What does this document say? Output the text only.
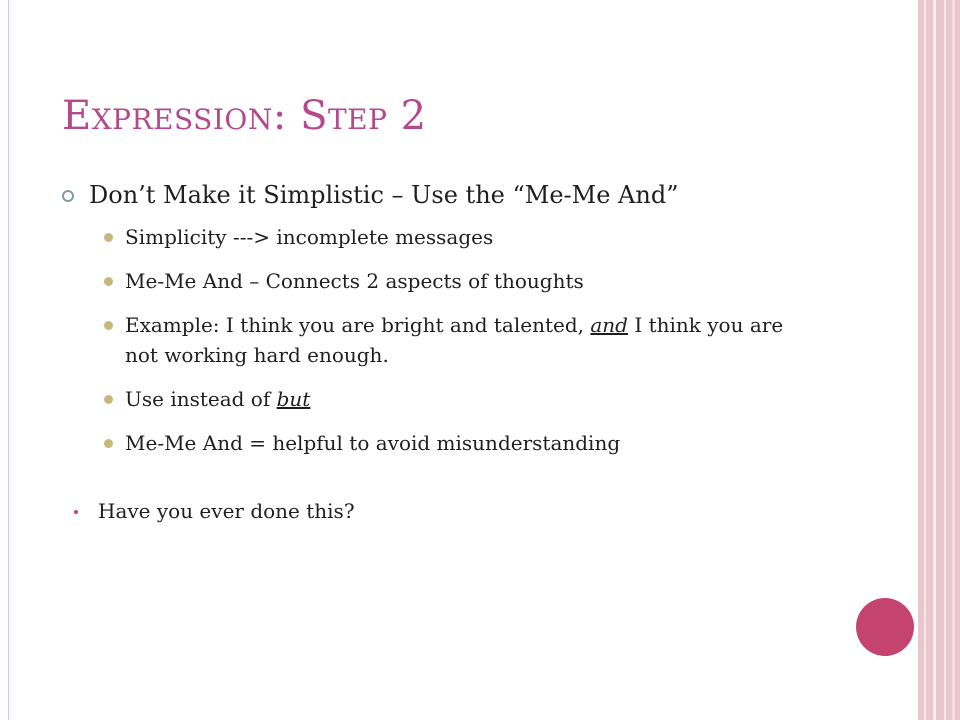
Expression: Step 2
Don’t Make it Simplistic – Use the “Me-Me And”
Simplicity ---> incomplete messages
Me-Me And – Connects 2 aspects of thoughts
Example: I think you are bright and talented, and I think you are not working hard enough.
Use instead of but
Me-Me And = helpful to avoid misunderstanding
Have you ever done this?
